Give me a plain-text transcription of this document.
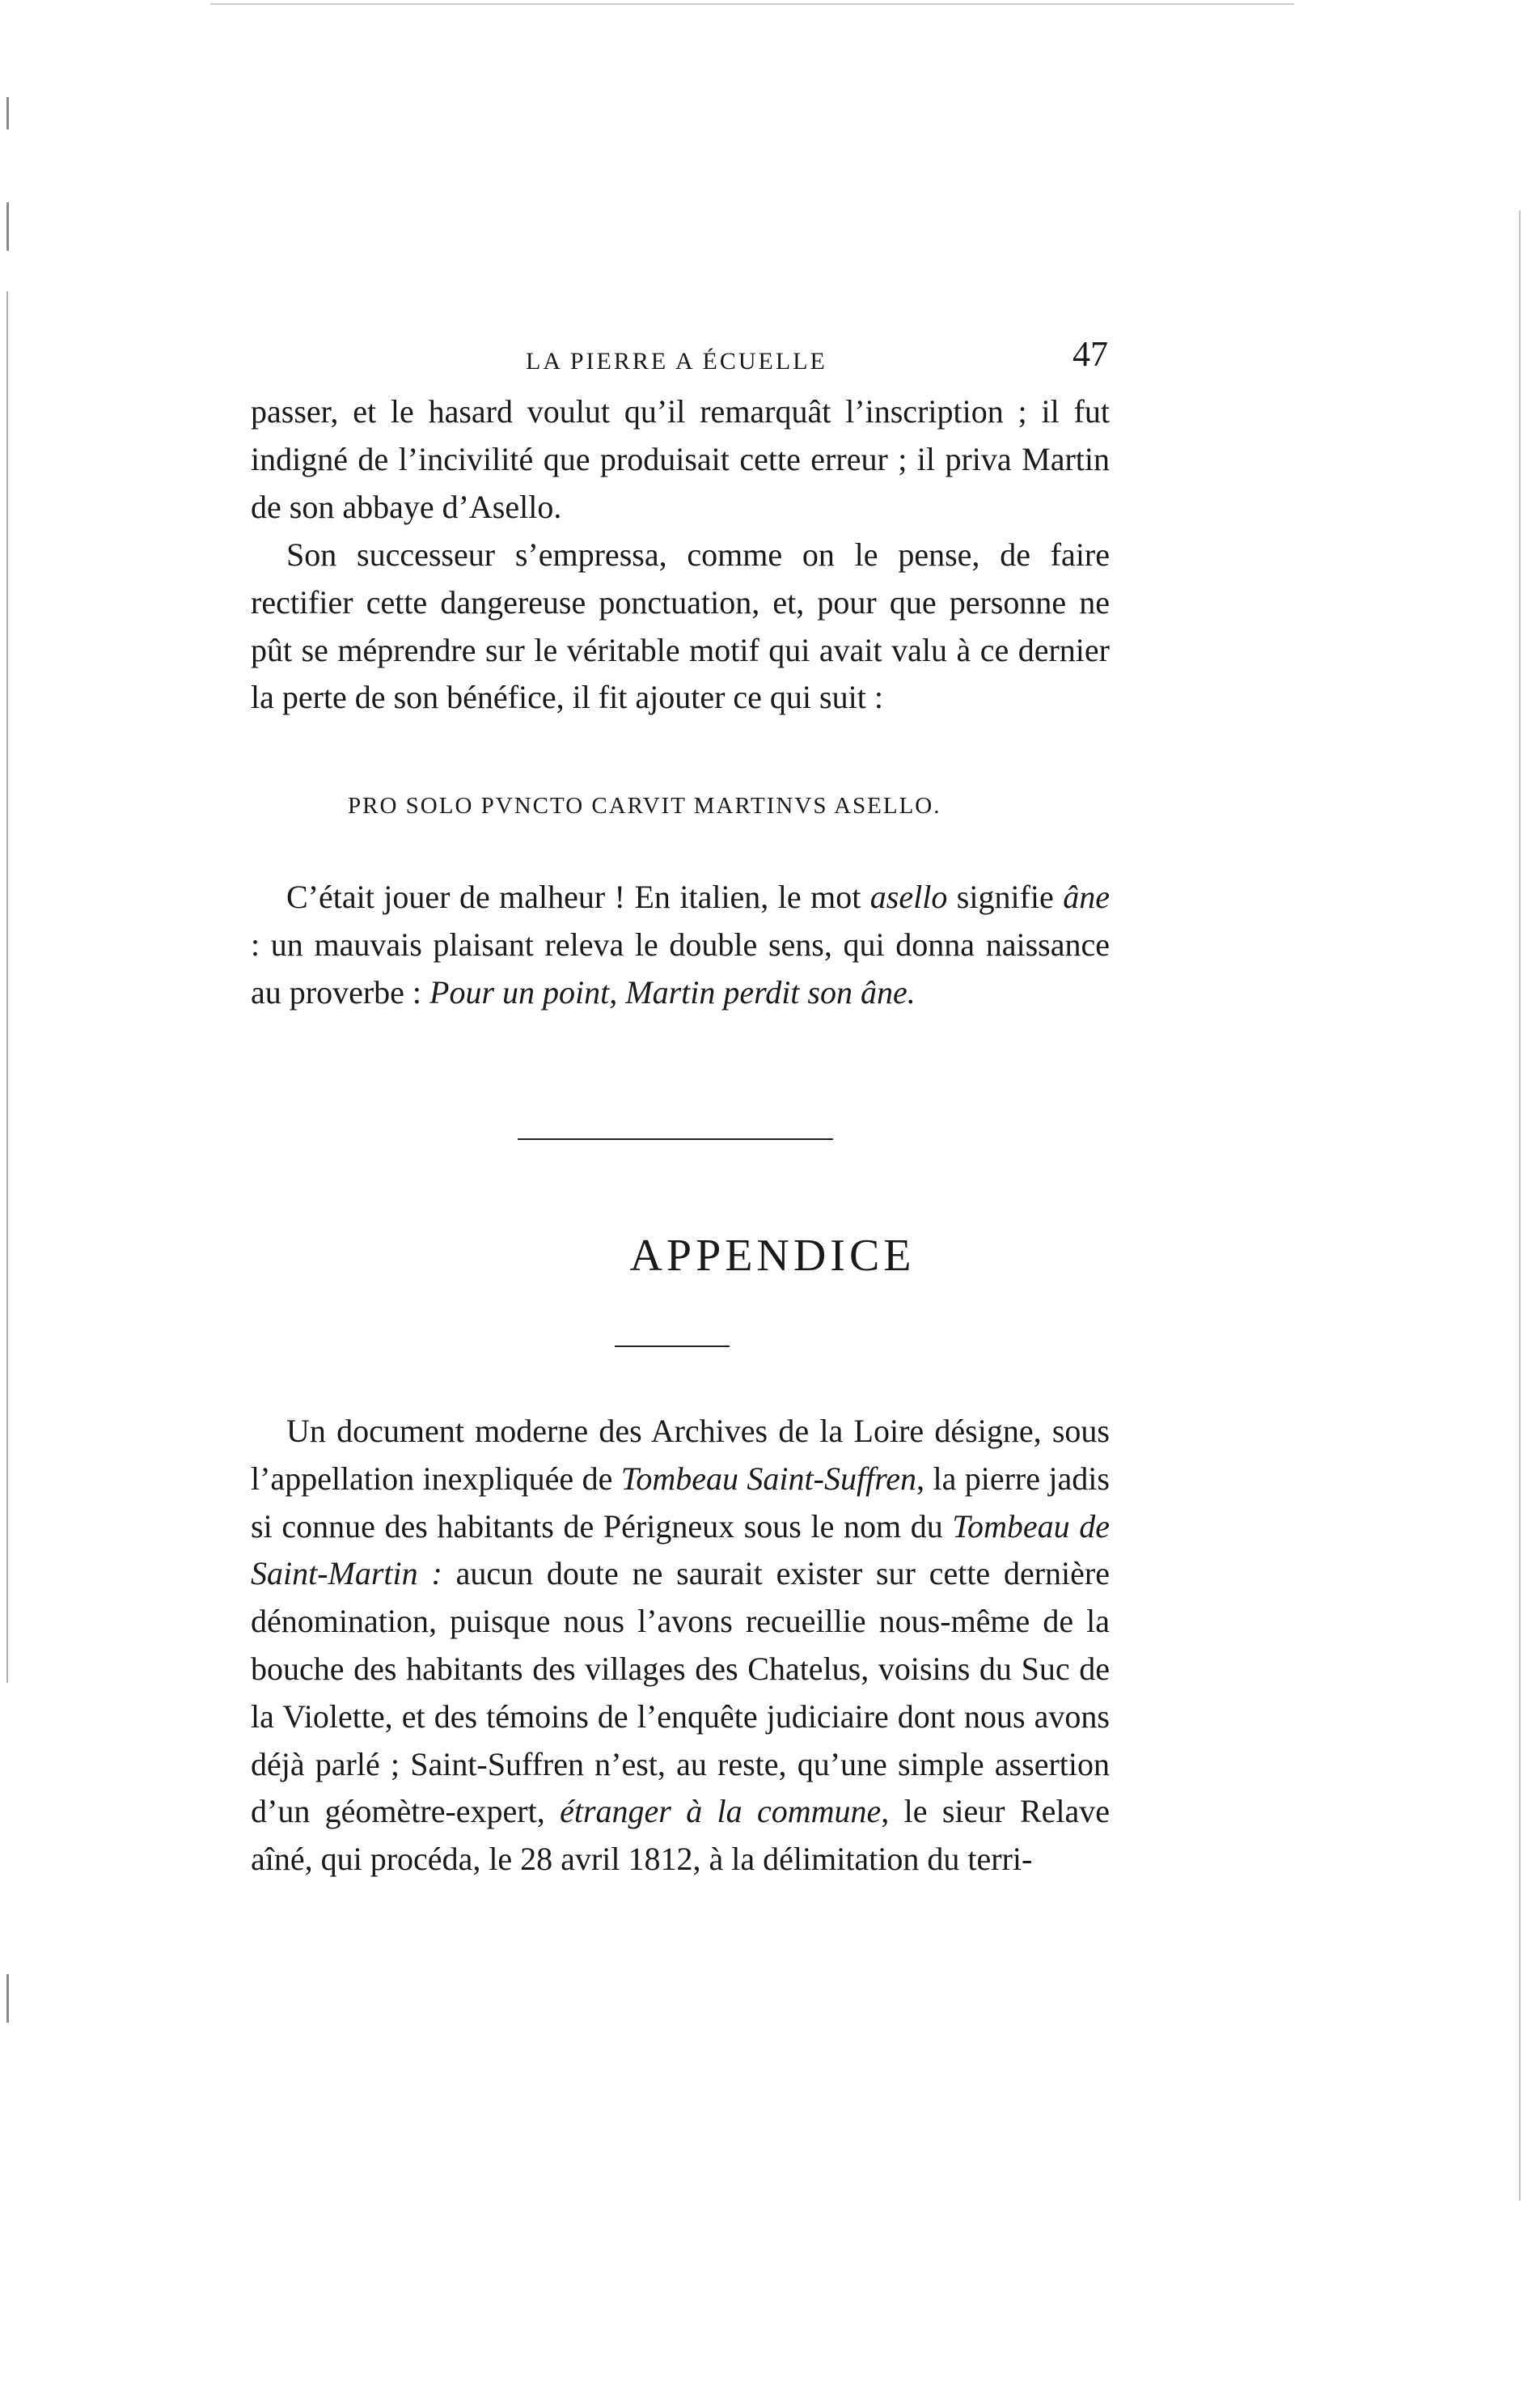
LA PIERRE A ÉCUELLE	47

passer, et le hasard voulut qu’il remarquât l’inscription ; il fut indigné de l’incivilité que produisait cette erreur ; il priva Martin de son abbaye d’Asello.

Son successeur s’empressa, comme on le pense, de faire rectifier cette dangereuse ponctuation, et, pour que personne ne pût se méprendre sur le véritable motif qui avait valu à ce dernier la perte de son bénéfice, il fit ajouter ce qui suit :

PRO SOLO PVNCTO CARVIT MARTINVS ASELLO.

C’était jouer de malheur ! En italien, le mot asello signifie âne : un mauvais plaisant releva le double sens, qui donna naissance au proverbe : Pour un point, Martin perdit son âne.

APPENDICE

Un document moderne des Archives de la Loire désigne, sous l’appellation inexpliquée de Tombeau Saint-Suffren, la pierre jadis si connue des habitants de Périgneux sous le nom du Tombeau de Saint-Martin : aucun doute ne saurait exister sur cette dernière dénomination, puisque nous l’avons recueillie nous-même de la bouche des habitants des villages des Chatelus, voisins du Suc de la Violette, et des témoins de l’enquête judiciaire dont nous avons déjà parlé ; Saint-Suffren n’est, au reste, qu’une simple assertion d’un géomètre-expert, étranger à la commune, le sieur Relave aîné, qui procéda, le 28 avril 1812, à la délimitation du terri-
